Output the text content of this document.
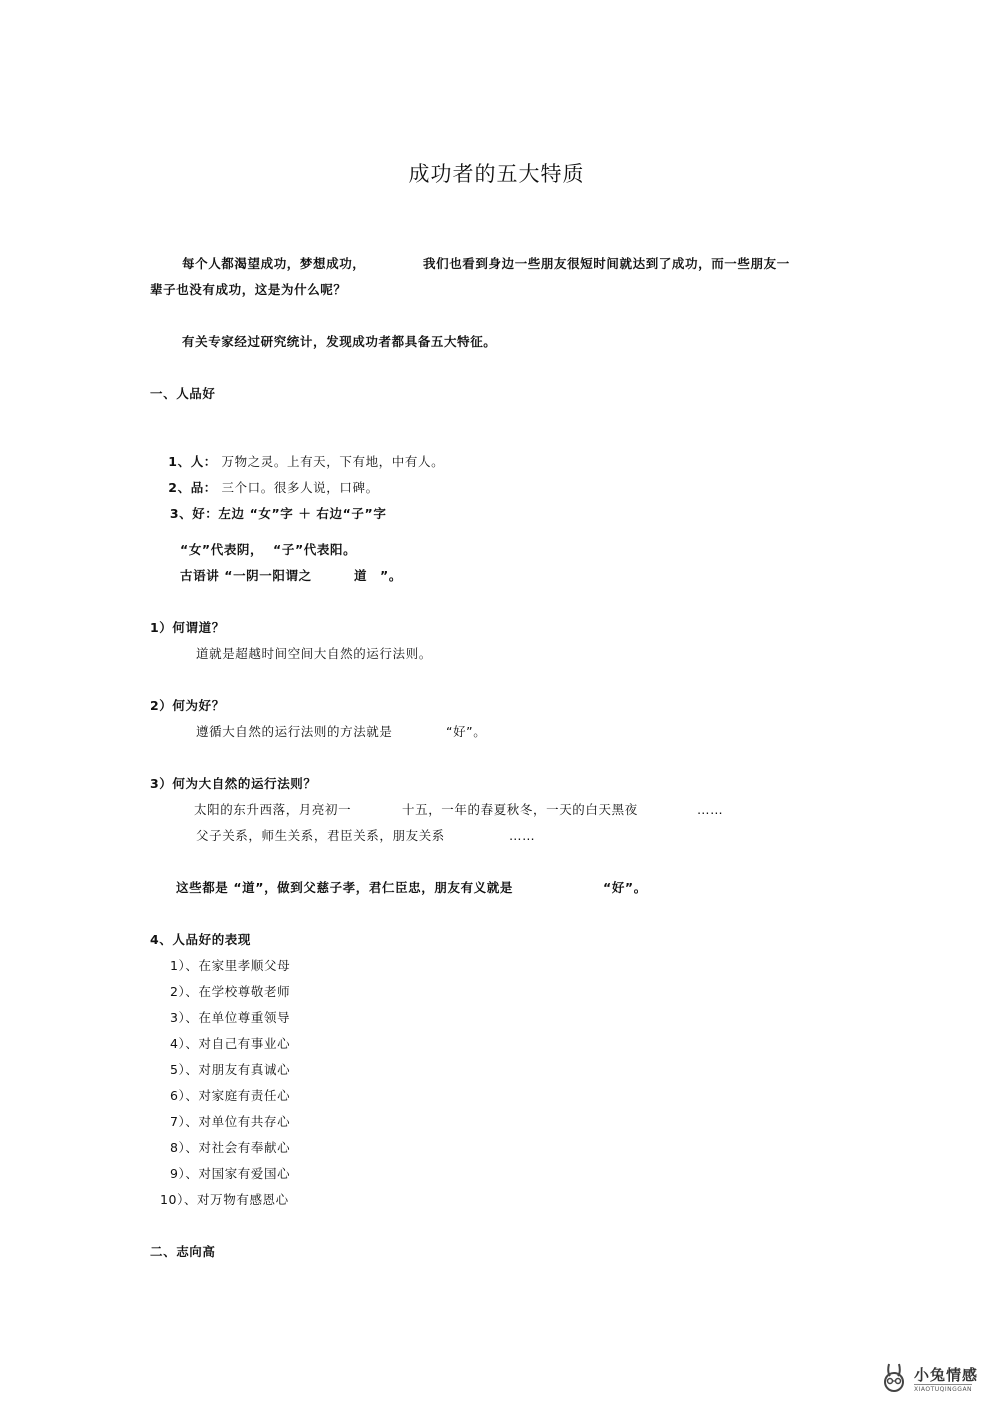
成功者的五大特质
每个人都渴望成功，梦想成功，	我们也看到身边一些朋友很短时间就达到了成功，而一些朋友一
辈子也没有成功，这是为什么呢？
有关专家经过研究统计，发现成功者都具备五大特征。
一、人品好

1、人： 万物之灵。上有天，下有地，中有人。

2、品： 三个口。很多人说，口碑。

3、好：左边 “女”字 ＋ 右边“子”字

“女”代表阴，  “子”代表阳。
古语讲 “一阴一阳谓之	道 ”。
1）何谓道？
道就是超越时间空间大自然的运行法则。
2）何为好？
遵循大自然的运行法则的方法就是	“好”。
3）何为大自然的运行法则？
太阳的东升西落，月亮初一	十五，一年的春夏秋冬，一天的白天黑夜	……
父子关系，师生关系，君臣关系，朋友关系	……
这些都是 “道”，做到父慈子孝，君仁臣忠，朋友有义就是	“好”。
4、人品好的表现
1）、在家里孝顺父母
2）、在学校尊敬老师
3）、在单位尊重领导
4）、对自己有事业心
5）、对朋友有真诚心
6）、对家庭有责任心
7）、对单位有共存心
8）、对社会有奉献心
9）、对国家有爱国心
10）、对万物有感恩心
二、志向高
小兔情感
XIAOTUQINGGAN
